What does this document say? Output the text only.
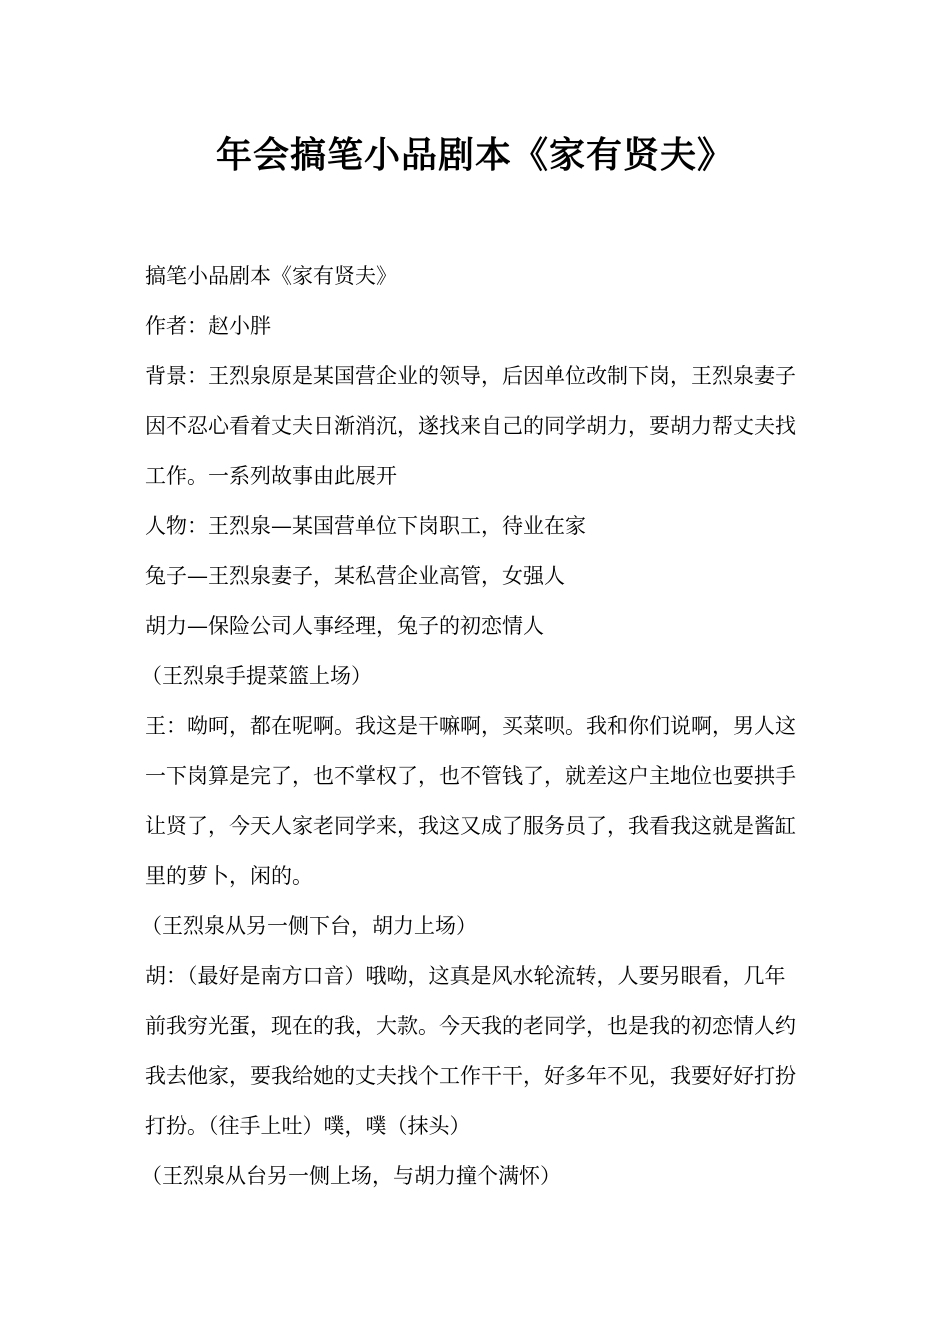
年会搞笔小品剧本《家有贤夫》

搞笔小品剧本《家有贤夫》

作者：赵小胖

背景：王烈泉原是某国营企业的领导，后因单位改制下岗，王烈泉妻子因不忍心看着丈夫日渐消沉，遂找来自己的同学胡力，要胡力帮丈夫找工作。一系列故事由此展开

人物：王烈泉—某国营单位下岗职工，待业在家

兔子—王烈泉妻子，某私营企业高管，女强人

胡力—保险公司人事经理，兔子的初恋情人

（王烈泉手提菜篮上场）

王：呦呵，都在呢啊。我这是干嘛啊，买菜呗。我和你们说啊，男人这一下岗算是完了，也不掌权了，也不管钱了，就差这户主地位也要拱手让贤了，今天人家老同学来，我这又成了服务员了，我看我这就是酱缸里的萝卜，闲的。

（王烈泉从另一侧下台，胡力上场）

胡：（最好是南方口音）哦呦，这真是风水轮流转，人要另眼看，几年前我穷光蛋，现在的我，大款。今天我的老同学，也是我的初恋情人约我去他家，要我给她的丈夫找个工作干干，好多年不见，我要好好打扮打扮。（往手上吐）噗，噗（抹头）

（王烈泉从台另一侧上场，与胡力撞个满怀）
